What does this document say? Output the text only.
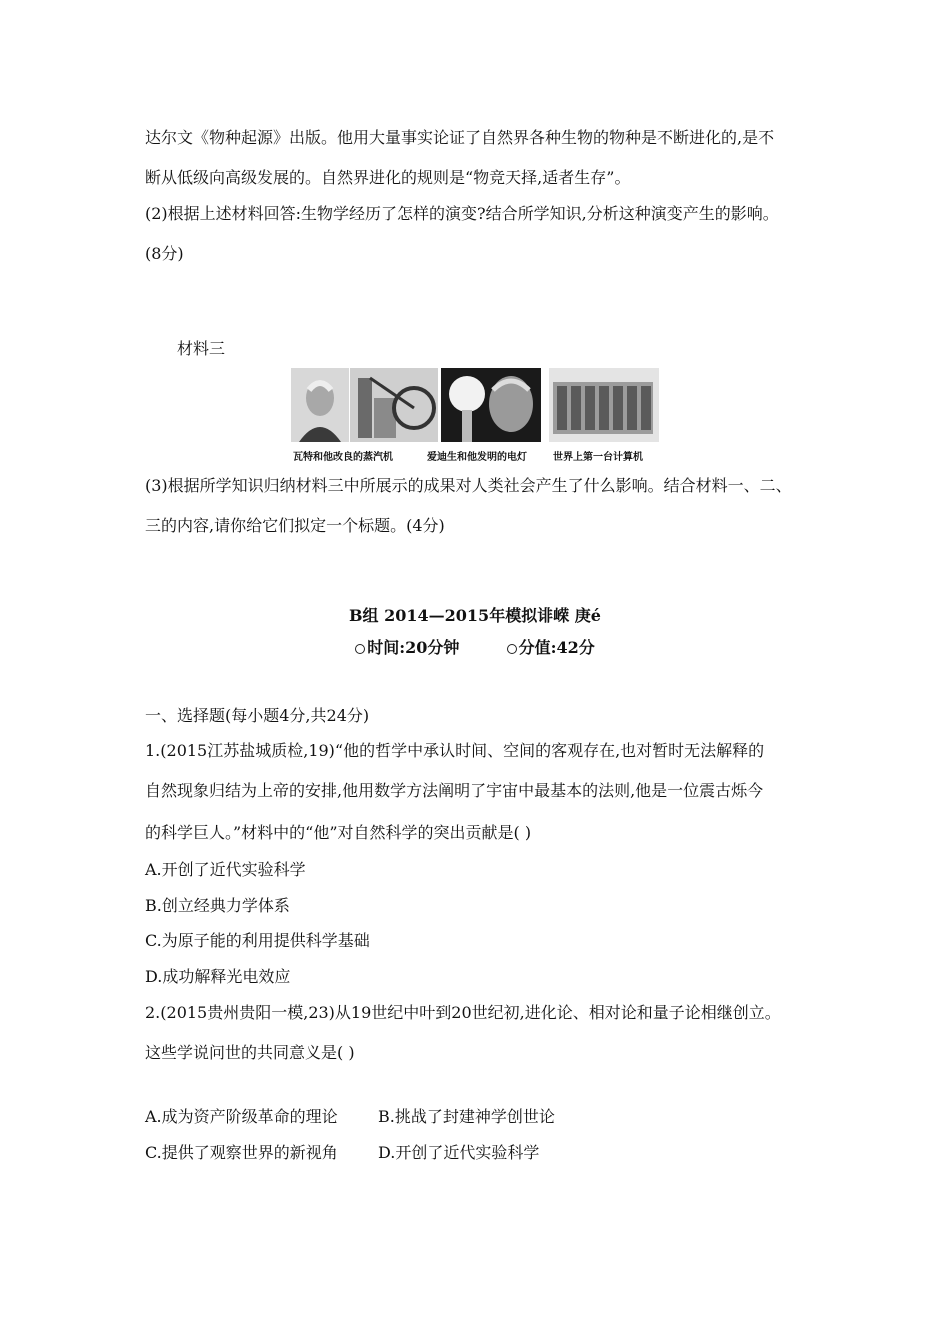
达尔文《物种起源》出版。他用大量事实论证了自然界各种生物的物种是不断进化的,是不
断从低级向高级发展的。自然界进化的规则是“物竞天择,适者生存”。
(2)根据上述材料回答:生物学经历了怎样的演变?结合所学知识,分析这种演变产生的影响。
(8分)
材料三
瓦特和他改良的蒸汽机	爱迪生和他发明的电灯	世界上第一台计算机
(3)根据所学知识归纳材料三中所展示的成果对人类社会产生了什么影响。结合材料一、二、
三的内容,请你给它们拟定一个标题。(4分)
B组 2014—2015年模拟诽嵘 庚é
时间:20分钟	分值:42分
一、选择题(每小题4分,共24分)
1.(2015江苏盐城质检,19)“他的哲学中承认时间、空间的客观存在,也对暂时无法解释的
自然现象归结为上帝的安排,他用数学方法阐明了宇宙中最基本的法则,他是一位震古烁今
的科学巨人。”材料中的“他”对自然科学的突出贡献是( )
A.开创了近代实验科学
B.创立经典力学体系
C.为原子能的利用提供科学基础
D.成功解释光电效应
2.(2015贵州贵阳一模,23)从19世纪中叶到20世纪初,进化论、相对论和量子论相继创立。
这些学说问世的共同意义是( )
A.成为资产阶级革命的理论	B.挑战了封建神学创世论
C.提供了观察世界的新视角	D.开创了近代实验科学
